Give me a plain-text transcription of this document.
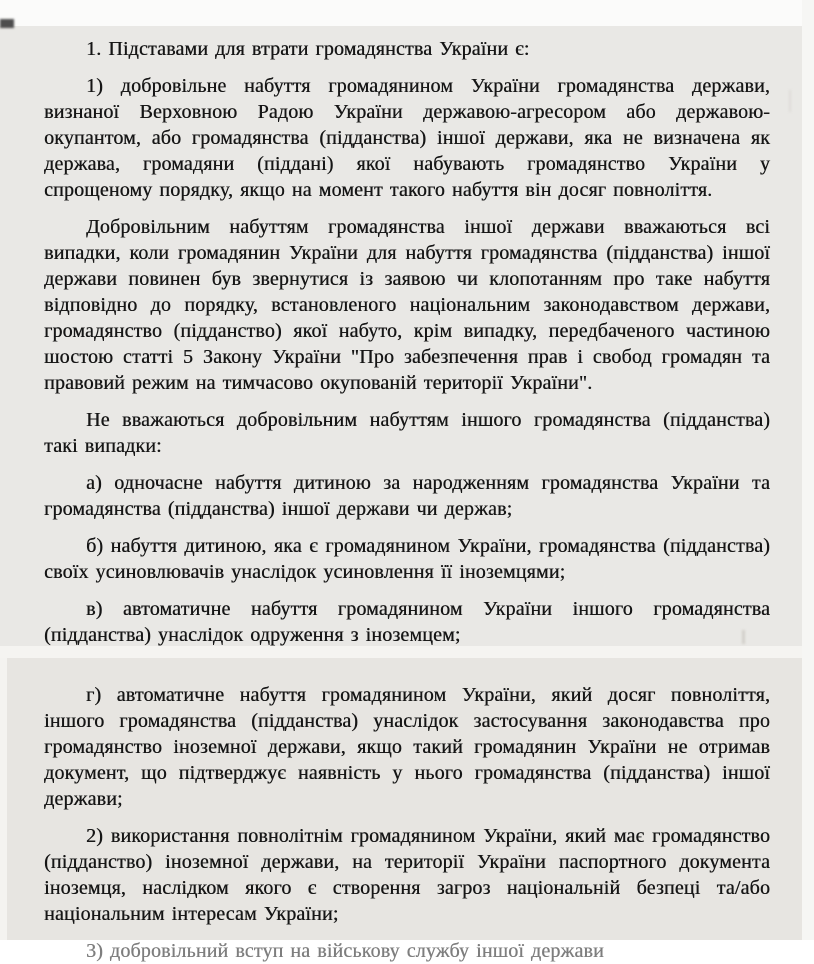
1. Підставами для втрати громадянства України є:

1) добровільне набуття громадянином України громадянства держави, визнаної Верховною Радою України державою-агресором або державою-окупантом, або громадянства (підданства) іншої держави, яка не визначена як держава, громадяни (піддані) якої набувають громадянство України у спрощеному порядку, якщо на момент такого набуття він досяг повноліття.

Добровільним набуттям громадянства іншої держави вважаються всі випадки, коли громадянин України для набуття громадянства (підданства) іншої держави повинен був звернутися із заявою чи клопотанням про таке набуття відповідно до порядку, встановленого національним законодавством держави, громадянство (підданство) якої набуто, крім випадку, передбаченого частиною шостою статті 5 Закону України "Про забезпечення прав і свобод громадян та правовий режим на тимчасово окупованій території України".

Не вважаються добровільним набуттям іншого громадянства (підданства) такі випадки:

а) одночасне набуття дитиною за народженням громадянства України та громадянства (підданства) іншої держави чи держав;

б) набуття дитиною, яка є громадянином України, громадянства (підданства) своїх усиновлювачів унаслідок усиновлення її іноземцями;

в) автоматичне набуття громадянином України іншого громадянства (підданства) унаслідок одруження з іноземцем;

г) автоматичне набуття громадянином України, який досяг повноліття, іншого громадянства (підданства) унаслідок застосування законодавства про громадянство іноземної держави, якщо такий громадянин України не отримав документ, що підтверджує наявність у нього громадянства (підданства) іншої держави;

2) використання повнолітнім громадянином України, який має громадянство (підданство) іноземної держави, на території України паспортного документа іноземця, наслідком якого є створення загроз національній безпеці та/або національним інтересам України;

3) добровільний вступ на військову службу іншої держави
